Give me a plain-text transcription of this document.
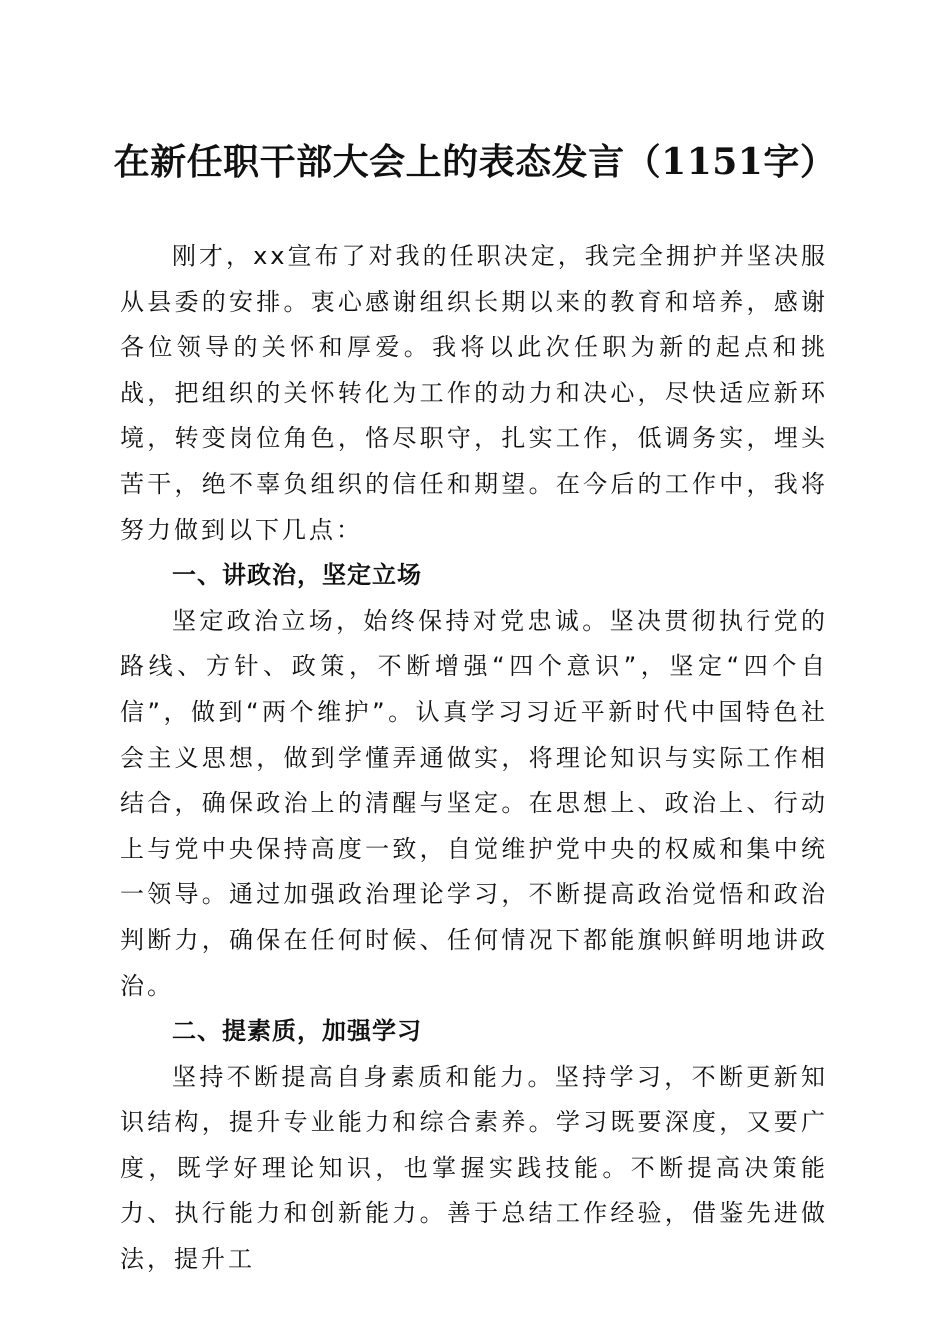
在新任职干部大会上的表态发言（1151字）

刚才，xx宣布了对我的任职决定，我完全拥护并坚决服从县委的安排。衷心感谢组织长期以来的教育和培养，感谢各位领导的关怀和厚爱。我将以此次任职为新的起点和挑战，把组织的关怀转化为工作的动力和决心，尽快适应新环境，转变岗位角色，恪尽职守，扎实工作，低调务实，埋头苦干，绝不辜负组织的信任和期望。在今后的工作中，我将努力做到以下几点：

一、讲政治，坚定立场

坚定政治立场，始终保持对党忠诚。坚决贯彻执行党的路线、方针、政策，不断增强“四个意识”，坚定“四个自信”，做到“两个维护”。认真学习习近平新时代中国特色社会主义思想，做到学懂弄通做实，将理论知识与实际工作相结合，确保政治上的清醒与坚定。在思想上、政治上、行动上与党中央保持高度一致，自觉维护党中央的权威和集中统一领导。通过加强政治理论学习，不断提高政治觉悟和政治判断力，确保在任何时候、任何情况下都能旗帜鲜明地讲政治。

二、提素质，加强学习

坚持不断提高自身素质和能力。坚持学习，不断更新知识结构，提升专业能力和综合素养。学习既要深度，又要广度，既学好理论知识，也掌握实践技能。不断提高决策能力、执行能力和创新能力。善于总结工作经验，借鉴先进做法，提升工
